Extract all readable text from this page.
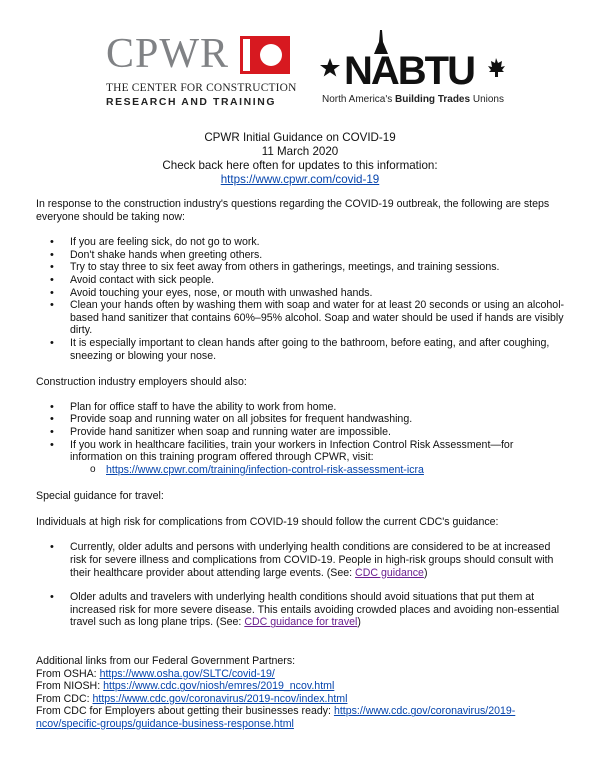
CPWR
THE CENTER FOR CONSTRUCTION
RESEARCH AND TRAINING
NABTU
North America's Building Trades Unions
CPWR Initial Guidance on COVID-19
11 March 2020
Check back here often for updates to this information:
https://www.cpwr.com/covid-19

In response to the construction industry's questions regarding the COVID-19 outbreak, the following are steps everyone should be taking now:

• If you are feeling sick, do not go to work.
• Don't shake hands when greeting others.
• Try to stay three to six feet away from others in gatherings, meetings, and training sessions.
• Avoid contact with sick people.
• Avoid touching your eyes, nose, or mouth with unwashed hands.
• Clean your hands often by washing them with soap and water for at least 20 seconds or using an alcohol-based hand sanitizer that contains 60%–95% alcohol. Soap and water should be used if hands are visibly dirty.
• It is especially important to clean hands after going to the bathroom, before eating, and after coughing, sneezing or blowing your nose.

Construction industry employers should also:

• Plan for office staff to have the ability to work from home.
• Provide soap and running water on all jobsites for frequent handwashing.
• Provide hand sanitizer when soap and running water are impossible.
• If you work in healthcare facilities, train your workers in Infection Control Risk Assessment—for information on this training program offered through CPWR, visit:
o https://www.cpwr.com/training/infection-control-risk-assessment-icra

Special guidance for travel:

Individuals at high risk for complications from COVID-19 should follow the current CDC's guidance:

• Currently, older adults and persons with underlying health conditions are considered to be at increased risk for severe illness and complications from COVID-19. People in high-risk groups should consult with their healthcare provider about attending large events. (See: CDC guidance)
• Older adults and travelers with underlying health conditions should avoid situations that put them at increased risk for more severe disease. This entails avoiding crowded places and avoiding non-essential travel such as long plane trips. (See: CDC guidance for travel)

Additional links from our Federal Government Partners:

From OSHA: https://www.osha.gov/SLTC/covid-19/

From NIOSH: https://www.cdc.gov/niosh/emres/2019_ncov.html

From CDC: https://www.cdc.gov/coronavirus/2019-ncov/index.html

From CDC for Employers about getting their businesses ready: https://www.cdc.gov/coronavirus/2019-ncov/specific-groups/guidance-business-response.html
